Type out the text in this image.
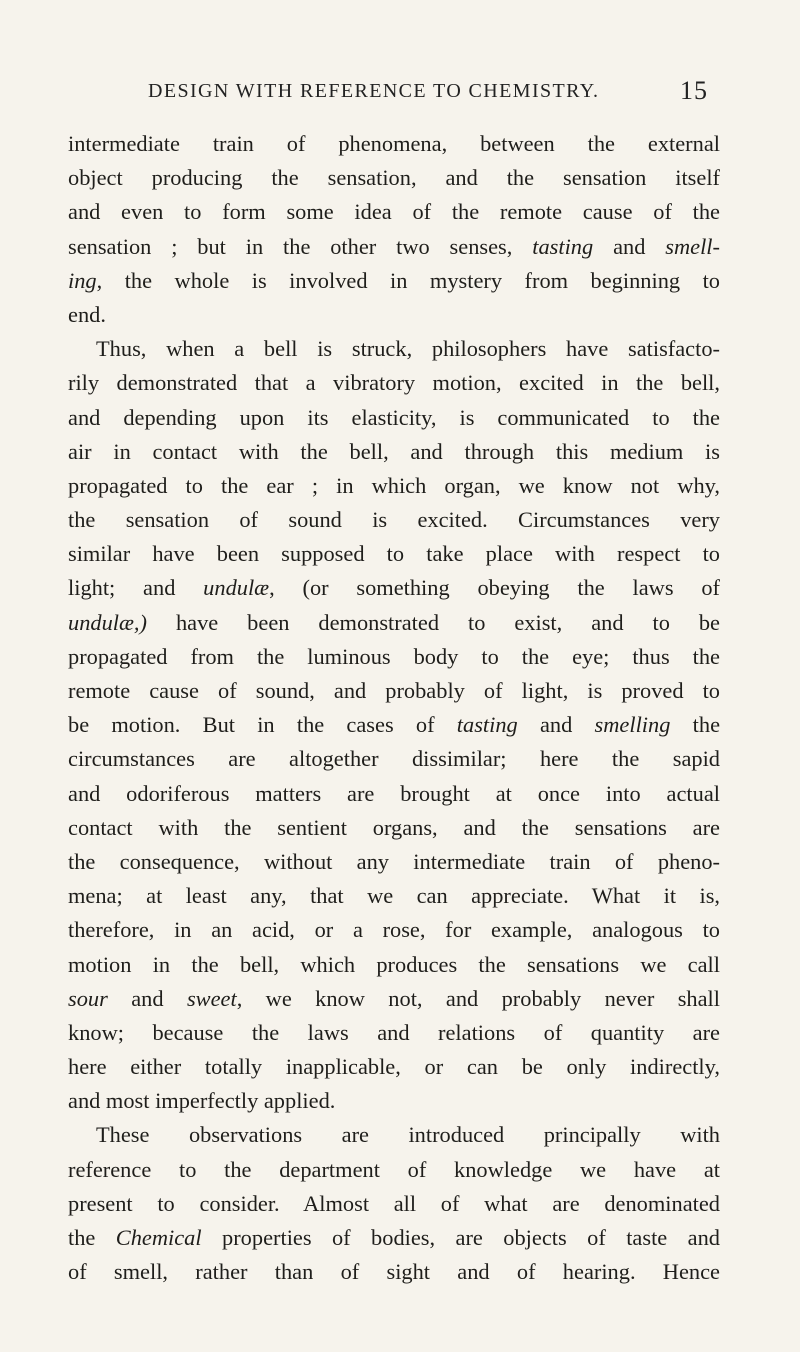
DESIGN WITH REFERENCE TO CHEMISTRY.	15
intermediate train of phenomena, between the external
object producing the sensation, and the sensation itself
and even to form some idea of the remote cause of the
sensation ; but in the other two senses, tasting and smell-
ing, the whole is involved in mystery from beginning to
end.
Thus, when a bell is struck, philosophers have satisfacto-
rily demonstrated that a vibratory motion, excited in the bell,
and depending upon its elasticity, is communicated to the
air in contact with the bell, and through this medium is
propagated to the ear ; in which organ, we know not why,
the sensation of sound is excited. Circumstances very
similar have been supposed to take place with respect to
light; and undulæ, (or something obeying the laws of
undulæ,) have been demonstrated to exist, and to be
propagated from the luminous body to the eye; thus the
remote cause of sound, and probably of light, is proved to
be motion. But in the cases of tasting and smelling the
circumstances are altogether dissimilar; here the sapid
and odoriferous matters are brought at once into actual
contact with the sentient organs, and the sensations are
the consequence, without any intermediate train of pheno-
mena; at least any, that we can appreciate. What it is,
therefore, in an acid, or a rose, for example, analogous to
motion in the bell, which produces the sensations we call
sour and sweet, we know not, and probably never shall
know; because the laws and relations of quantity are
here either totally inapplicable, or can be only indirectly,
and most imperfectly applied.
These observations are introduced principally with
reference to the department of knowledge we have at
present to consider. Almost all of what are denominated
the Chemical properties of bodies, are objects of taste and
of smell, rather than of sight and of hearing. Hence
